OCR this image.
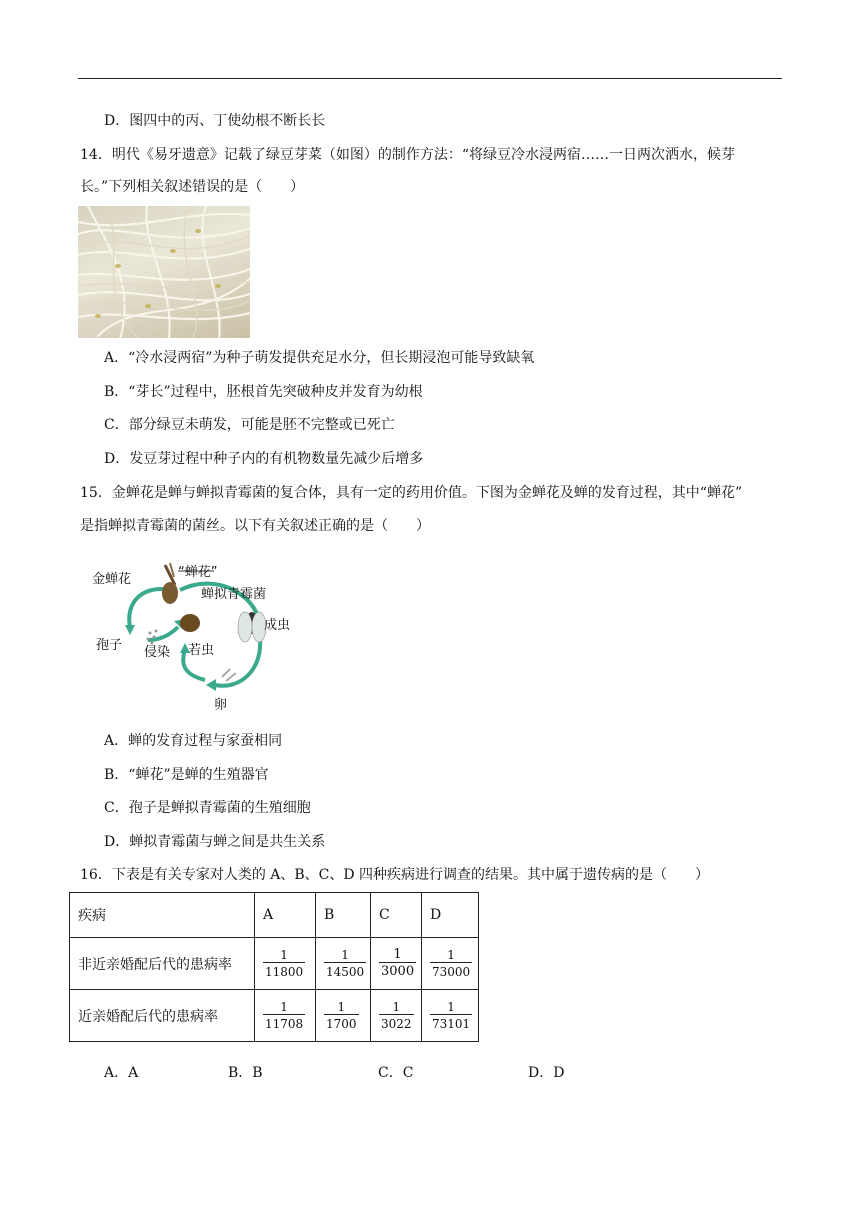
D．图四中的丙、丁使幼根不断长长
14．明代《易牙遗意》记载了绿豆芽菜（如图）的制作方法：“将绿豆冷水浸两宿……一日两次洒水，候芽
长。”下列相关叙述错误的是（　　）
A．“冷水浸两宿”为种子萌发提供充足水分，但长期浸泡可能导致缺氧
B．“芽长”过程中，胚根首先突破种皮并发育为幼根
C．部分绿豆未萌发，可能是胚不完整或已死亡
D．发豆芽过程中种子内的有机物数量先减少后增多
15．金蝉花是蝉与蝉拟青霉菌的复合体，具有一定的药用价值。下图为金蝉花及蝉的发育过程，其中“蝉花”
是指蝉拟青霉菌的菌丝。以下有关叙述正确的是（　　）
金蝉花	“蝉花”
蝉拟青霉菌
成虫
孢子 侵染 若虫
卵
A．蝉的发育过程与家蚕相同
B．“蝉花”是蝉的生殖器官
C．孢子是蝉拟青霉菌的生殖细胞
D．蝉拟青霉菌与蝉之间是共生关系
16．下表是有关专家对人类的 A、B、C、D 四种疾病进行调查的结果。其中属于遗传病的是（　　）
疾病	A	B	C	D
非近亲婚配后代的患病率	$\frac{1}{11800}$	$\frac{1}{14500}$	$\frac{1}{3000}$	$\frac{1}{73000}$

近亲婚配后代的患病率	$\frac{1}{11708}$	$\frac{1}{1700}$	$\frac{1}{3022}$	$\frac{1}{73101}$
A．A	B．B	C．C	D．D
